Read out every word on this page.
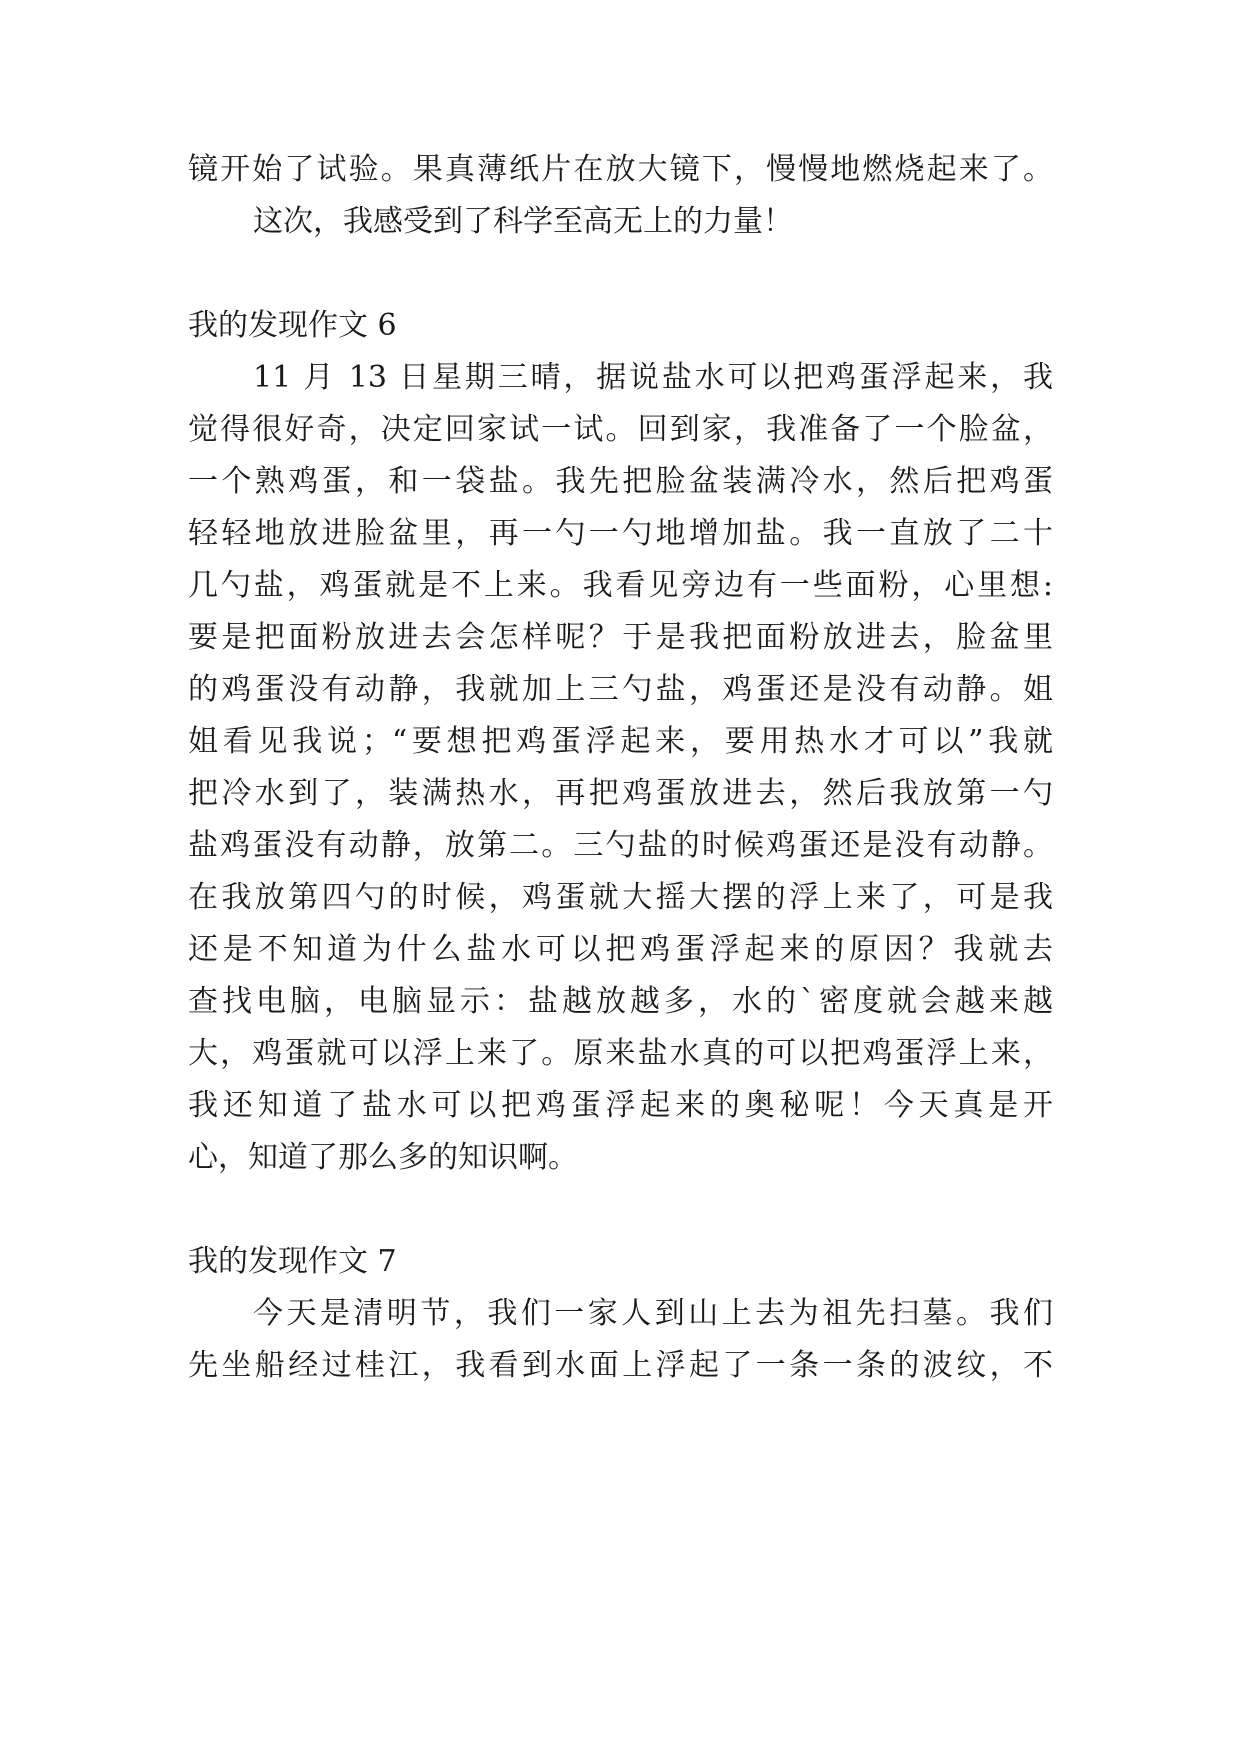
镜开始了试验。果真薄纸片在放大镜下，慢慢地燃烧起来了。
这次，我感受到了科学至高无上的力量！
我的发现作文 6
11 月 13 日星期三晴，据说盐水可以把鸡蛋浮起来，我
觉得很好奇，决定回家试一试。回到家，我准备了一个脸盆，
一个熟鸡蛋，和一袋盐。我先把脸盆装满冷水，然后把鸡蛋
轻轻地放进脸盆里，再一勺一勺地增加盐。我一直放了二十
几勺盐，鸡蛋就是不上来。我看见旁边有一些面粉，心里想:
要是把面粉放进去会怎样呢？于是我把面粉放进去，脸盆里
的鸡蛋没有动静，我就加上三勺盐，鸡蛋还是没有动静。姐
姐看见我说；“要想把鸡蛋浮起来，要用热水才可以”我就
把冷水到了，装满热水，再把鸡蛋放进去，然后我放第一勺
盐鸡蛋没有动静，放第二。三勺盐的时候鸡蛋还是没有动静。
在我放第四勺的时候，鸡蛋就大摇大摆的浮上来了，可是我
还是不知道为什么盐水可以把鸡蛋浮起来的原因？我就去
查找电脑，电脑显示：盐越放越多，水的`密度就会越来越
大，鸡蛋就可以浮上来了。原来盐水真的可以把鸡蛋浮上来，
我还知道了盐水可以把鸡蛋浮起来的奥秘呢！今天真是开
心，知道了那么多的知识啊。
我的发现作文 7
今天是清明节，我们一家人到山上去为祖先扫墓。我们
先坐船经过桂江，我看到水面上浮起了一条一条的波纹，不
